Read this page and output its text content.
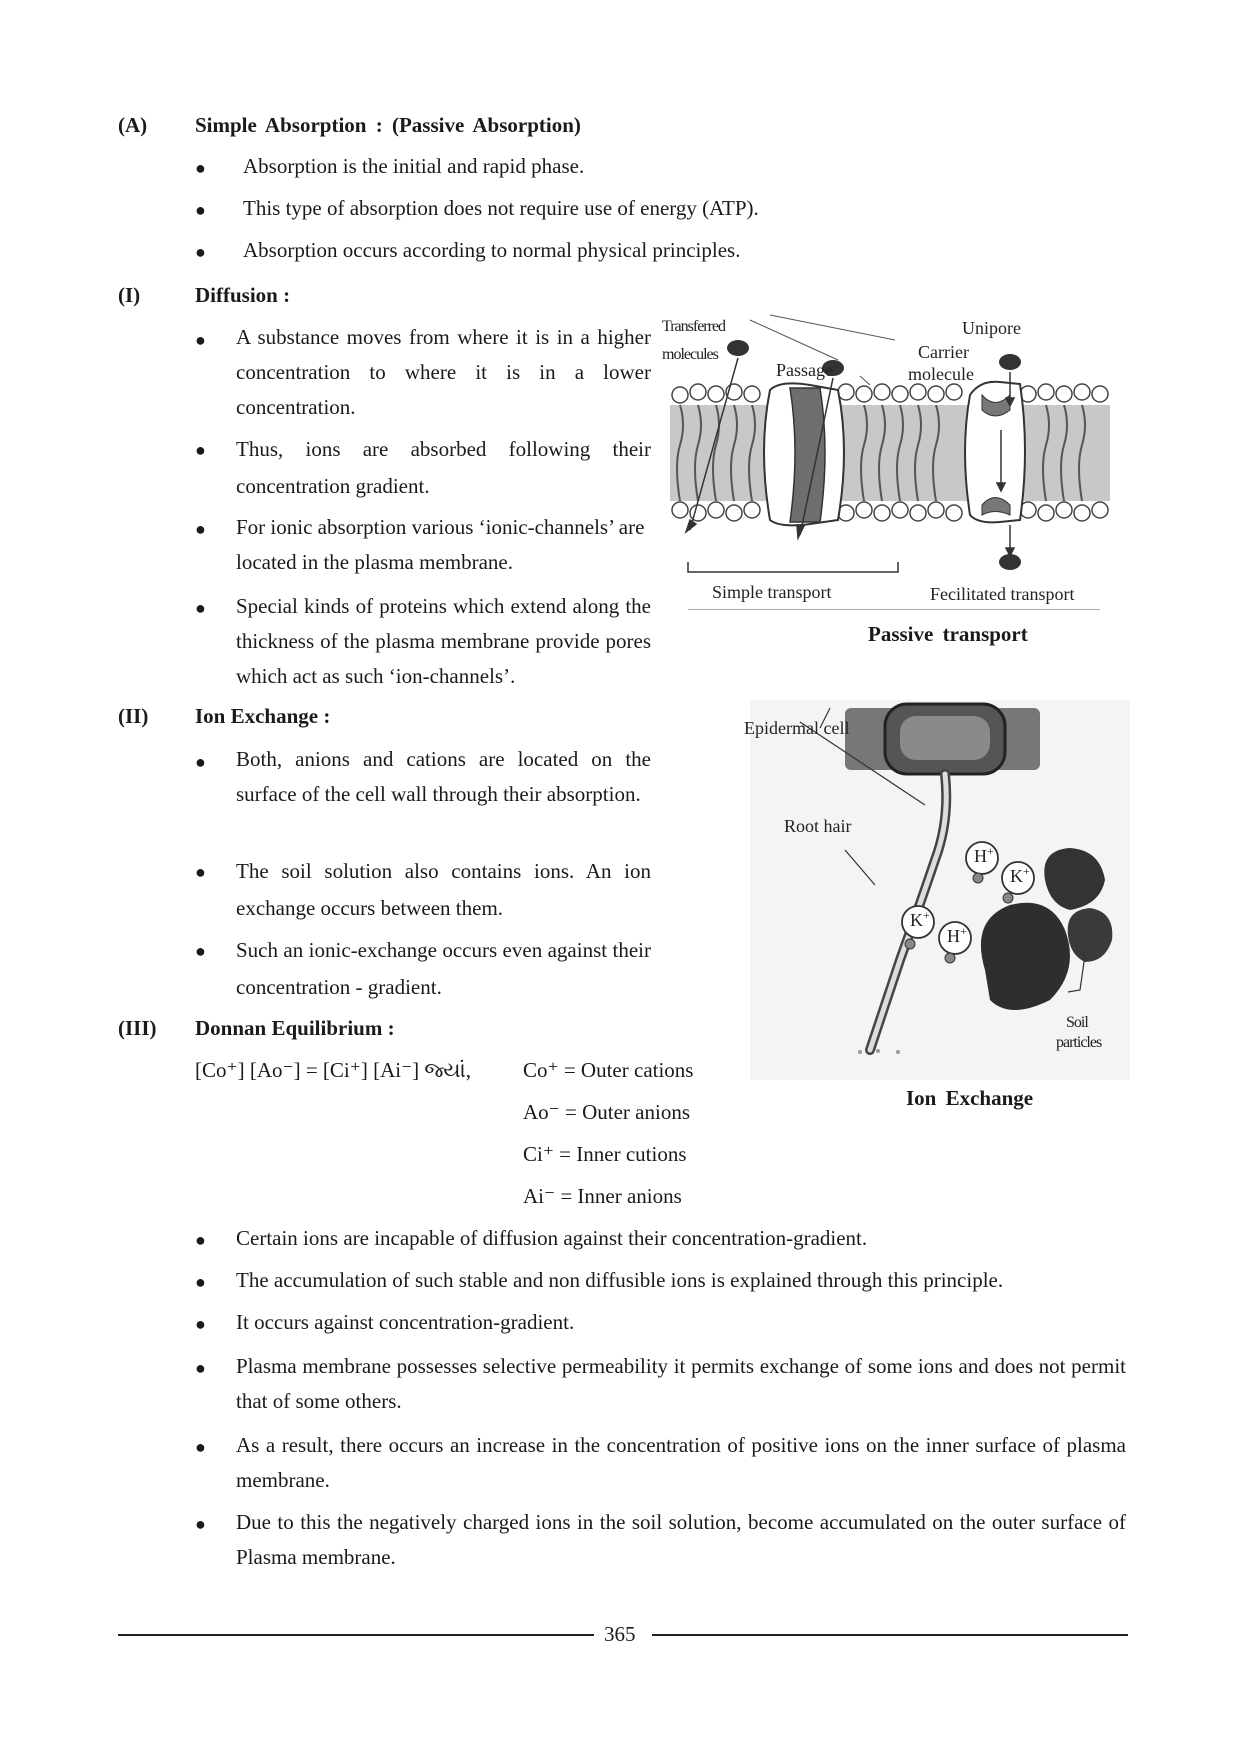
(A) Simple Absorption : (Passive Absorption)
● Absorption is the initial and rapid phase.
● This type of absorption does not require use of energy (ATP).
● Absorption occurs according to normal physical principles.
(I)	Diffusion :
● A substance moves from where it is in a higher concentration to where it is in a lower concentration.
● Thus, ions are absorbed following their concentration gradient.
● For ionic absorption various ‘ionic-channels’ are located in the plasma membrane.
● Special kinds of proteins which extend along the thickness of the plasma membrane provide pores which act as such ‘ion-channels’.
(II) Ion Exchange :
● Both, anions and cations are located on the surface of the cell wall through their absorption.
● The soil solution also contains ions. An ion exchange occurs between them.
● Such an ionic-exchange occurs even against their concentration - gradient.
(III) Donnan Equilibrium :
[Co⁺] [Ao⁻] = [Ci⁺] [Ai⁻] જ્યાં, Co⁺ = Outer cations
Ao⁻ = Outer anions
Ci⁺ = Inner cutions
Ai⁻ = Inner anions
● Certain ions are incapable of diffusion against their concentration-gradient.
● The accumulation of such stable and non diffusible ions is explained through this principle.
● It occurs against concentration-gradient.
● Plasma membrane possesses selective permeability it permits exchange of some ions and does not permit that of some others.
● As a result, there occurs an increase in the concentration of positive ions on the inner surface of plasma membrane.
● Due to this the negatively charged ions in the soil solution, become accumulated on the outer surface of Plasma membrane.
Transferred
molecules
Passage
Unipore
Carrier
molecule
Simple transport	Fecilitated transport
Passive transport
Epidermal cell
Root hair
H+
K+
K+
H+
Soil
particles
Ion Exchange
365
